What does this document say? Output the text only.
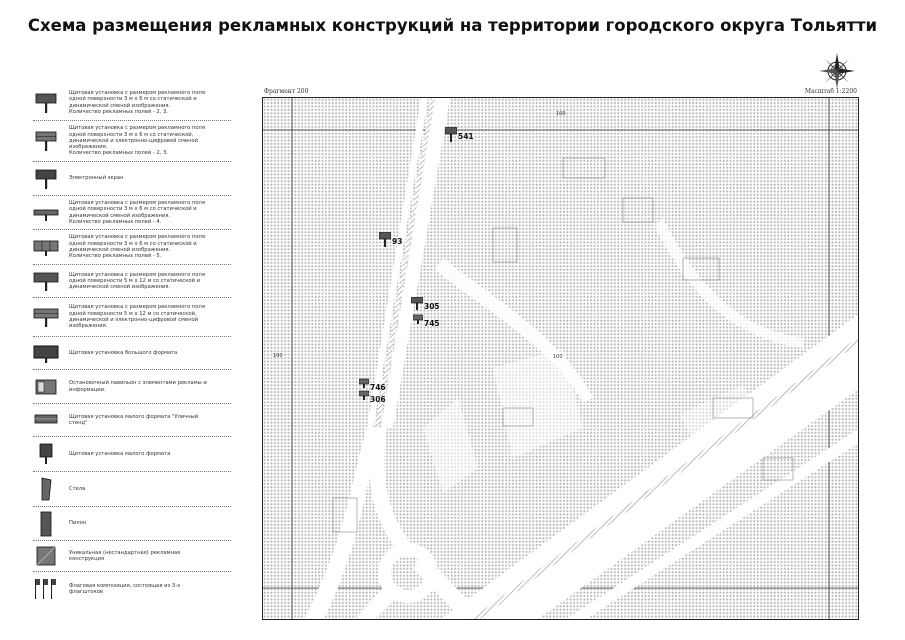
Схема размещения рекламных конструкций на территории городского округа Тольятти
Щитовая установка с размером рекламного поля
одной поверхности 3 м х 6 м со статической и
динамической сменой изображения.
Количество рекламных полей - 2, 3.
Щитовая установка с размером рекламного поля
одной поверхности 3 м х 6 м со статической,
динамической и электронно-цифровой сменой
изображения.
Количество рекламных полей - 2, 3.
Электронный экран
Щитовая установка с размером рекламного поля
одной поверхности 3 м х 6 м со статической и
динамической сменой изображения.
Количество рекламных полей - 4.
Щитовая установка с размером рекламного поля
одной поверхности 3 м х 6 м со статической и
динамической сменой изображения.
Количество рекламных полей - 5.
Щитовая установка с размером рекламного поля
одной поверхности 5 м х 12 м со статической и
динамической сменой изображения.
Щитовая установка с размером рекламного поля
одной поверхности 5 м х 12 м со статической,
динамической и электронно-цифровой сменой
изображения.
Щитовая установка большого формата
Остановочный павильон с элементами рекламы и
информации.
Щитовая установка малого формата "Уличный
стенд"
Щитовая установка малого формата
Стела
Пилон
Уникальная (нестандартная) рекламная
конструкция
Флаговая композиция, состоящая из 3-х
флагштоков
Фрагмент 200	Масштаб 1:2200
100
100	100
541
93
305
745
746
306
